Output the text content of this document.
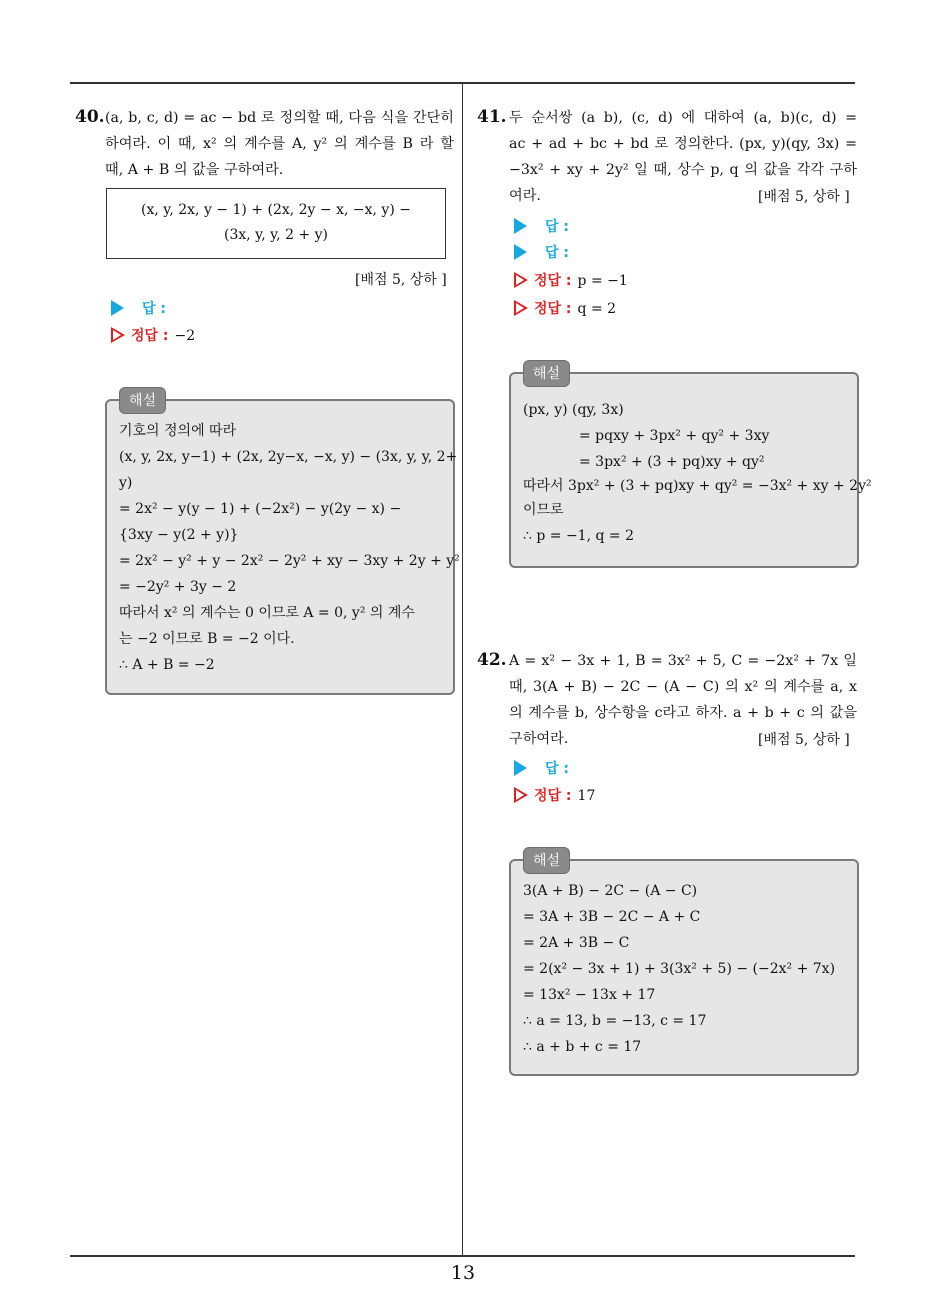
13
40. (a, b, c, d) = ac − bd 로 정의할 때, 다음 식을 간단히
하여라. 이 때, x² 의 계수를 A, y² 의 계수를 B 라 할
때, A + B 의 값을 구하여라.
(x, y, 2x, y − 1) + (2x, 2y − x, −x, y) −
(3x, y, y, 2 + y)
[배점 5, 상하 ]
답 :
정답 : −2
기호의 정의에 따라
(x, y, 2x, y−1) + (2x, 2y−x, −x, y) − (3x, y, y, 2+
y)
= 2x² − y(y − 1) + (−2x²) − y(2y − x) −
{3xy − y(2 + y)}
= 2x² − y² + y − 2x² − 2y² + xy − 3xy + 2y + y²
= −2y² + 3y − 2
따라서 x² 의 계수는 0 이므로 A = 0, y² 의 계수
는 −2 이므로 B = −2 이다.
∴ A + B = −2
해설
41. 두 순서쌍 (a b), (c, d) 에 대하여 (a, b)(c, d) =
ac + ad + bc + bd 로 정의한다. (px, y)(qy, 3x) =
−3x² + xy + 2y² 일 때, 상수 p, q 의 값을 각각 구하
여라.	[배점 5, 상하 ]
답 :
답 :
정답 : p = −1
정답 : q = 2
(px, y) (qy, 3x)
= pqxy + 3px² + qy² + 3xy
= 3px² + (3 + pq)xy + qy²
따라서 3px² + (3 + pq)xy + qy² = −3x² + xy + 2y²
이므로
∴ p = −1, q = 2
해설
42. A = x² − 3x + 1, B = 3x² + 5, C = −2x² + 7x 일
때, 3(A + B) − 2C − (A − C) 의 x² 의 계수를 a, x
의 계수를 b, 상수항을 c라고 하자. a + b + c 의 값을
구하여라.	[배점 5, 상하 ]
답 :
정답 : 17
3(A + B) − 2C − (A − C)
= 3A + 3B − 2C − A + C
= 2A + 3B − C
= 2(x² − 3x + 1) + 3(3x² + 5) − (−2x² + 7x)
= 13x² − 13x + 17
∴ a = 13, b = −13, c = 17
∴ a + b + c = 17
해설
